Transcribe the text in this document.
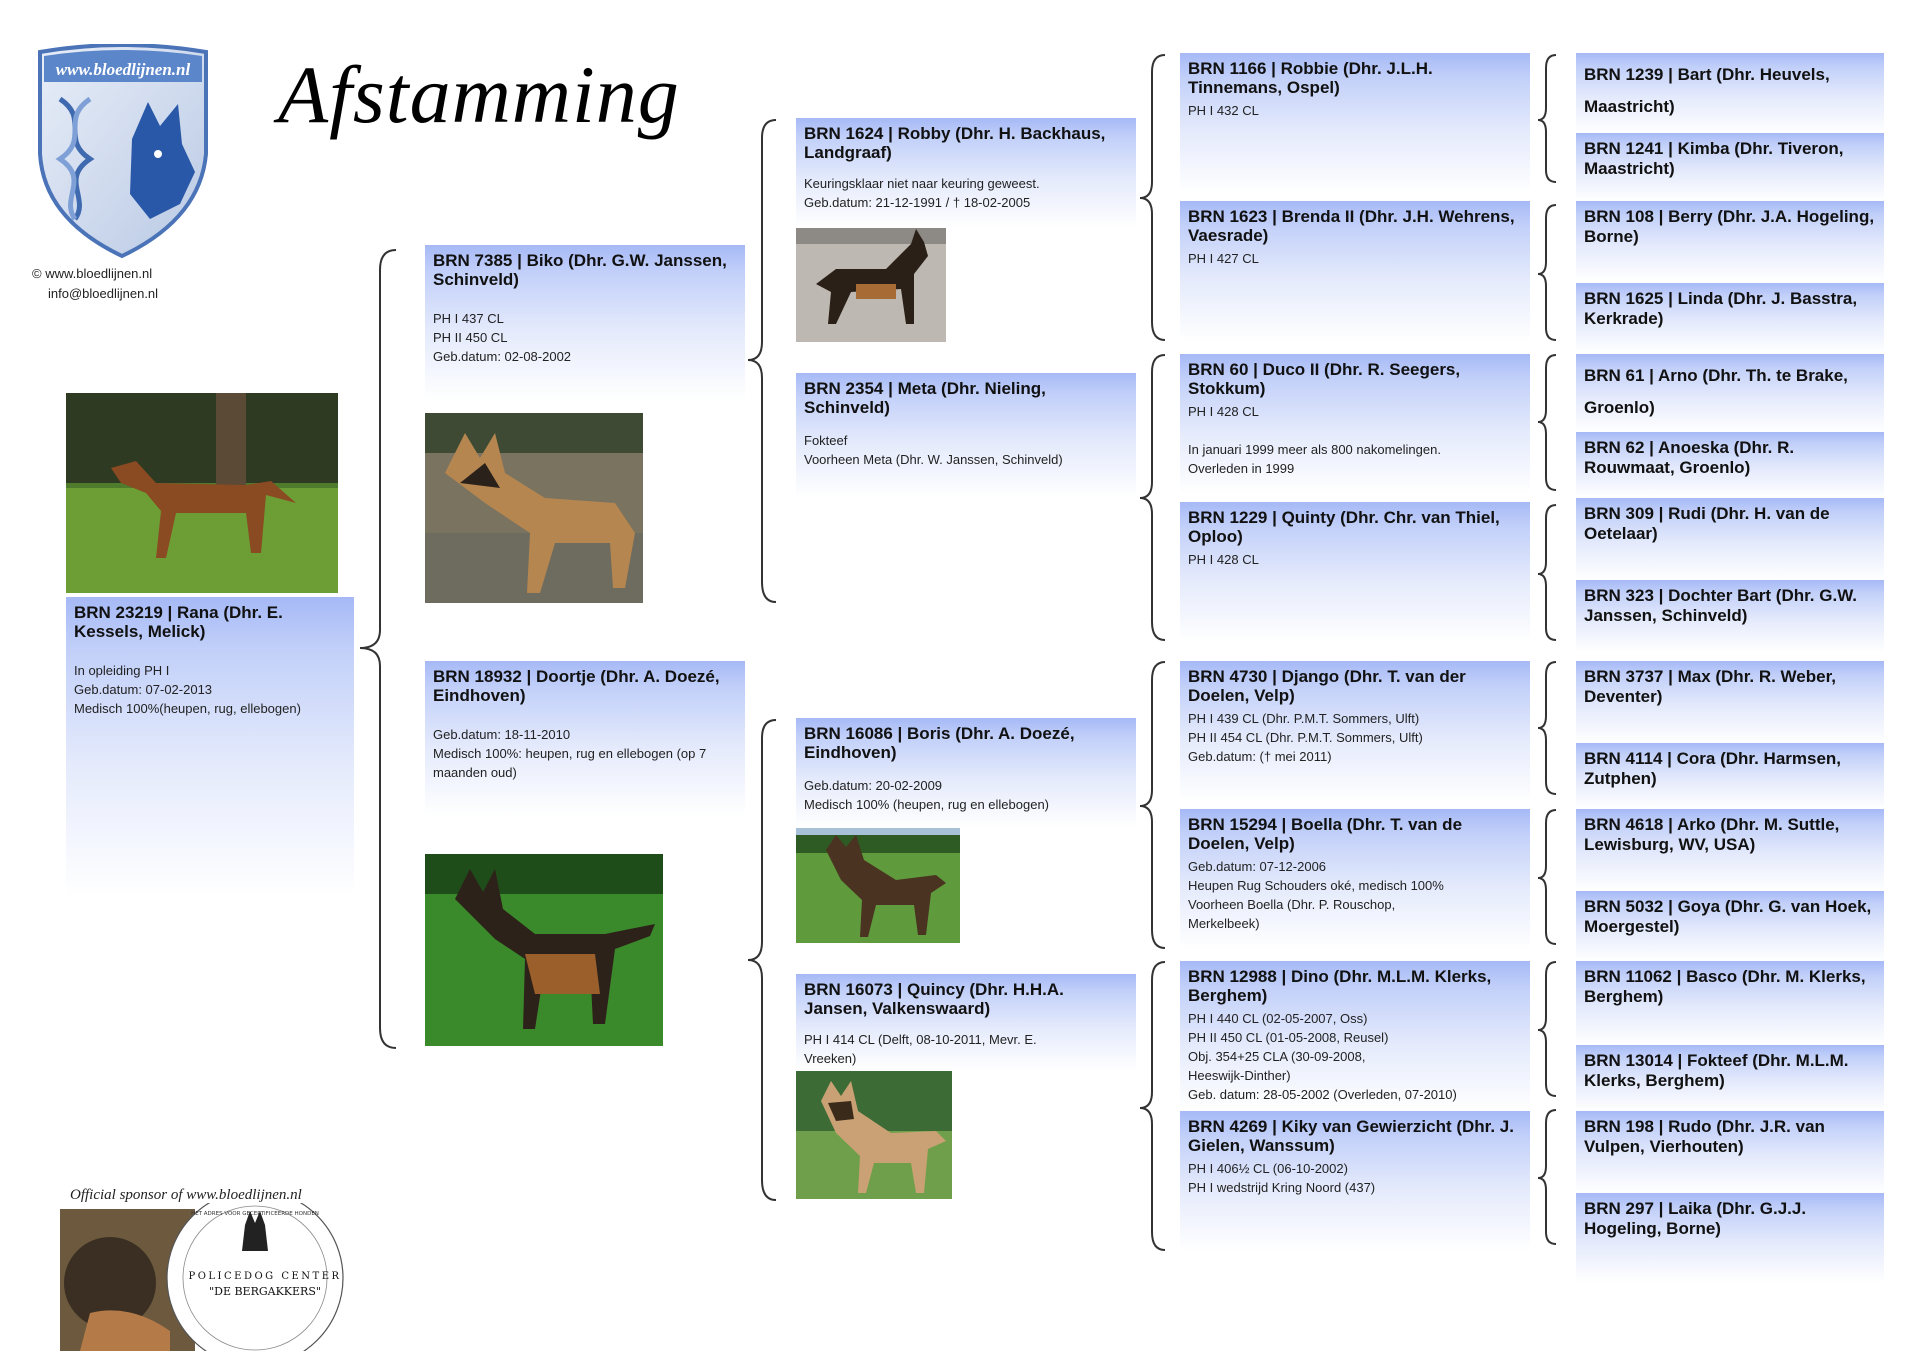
www.bloedlijnen.nl
© www.bloedlijnen.nl
info@bloedlijnen.nl
Afstamming
BRN 23219 | Rana (Dhr. E. Kessels, Melick)
In opleiding PH I
Geb.datum: 07-02-2013
Medisch 100%(heupen, rug, ellebogen)
BRN 7385 | Biko (Dhr. G.W. Janssen, Schinveld)
PH I 437 CL
PH II 450 CL
Geb.datum: 02-08-2002
BRN 18932 | Doortje (Dhr. A. Doezé, Eindhoven)
Geb.datum: 18-11-2010
Medisch 100%: heupen, rug en ellebogen (op 7
maanden oud)
BRN 1624 | Robby (Dhr. H. Backhaus, Landgraaf)
Keuringsklaar niet naar keuring geweest.
Geb.datum: 21-12-1991 / † 18-02-2005
BRN 2354 | Meta (Dhr. Nieling, Schinveld)
Fokteef
Voorheen Meta (Dhr. W. Janssen, Schinveld)
BRN 16086 | Boris (Dhr. A. Doezé, Eindhoven)
Geb.datum: 20-02-2009
Medisch 100% (heupen, rug en ellebogen)
BRN 16073 | Quincy (Dhr. H.H.A. Jansen, Valkenswaard)
PH I 414 CL (Delft, 08-10-2011, Mevr. E.
Vreeken)
BRN 1166 | Robbie (Dhr. J.L.H. Tinnemans, Ospel)
PH I 432 CL
BRN 1623 | Brenda II (Dhr. J.H. Wehrens, Vaesrade)
PH I 427 CL
BRN 60 | Duco II (Dhr. R. Seegers, Stokkum)
PH I 428 CL
In januari 1999 meer als 800 nakomelingen.
Overleden in 1999
BRN 1229 | Quinty (Dhr. Chr. van Thiel, Oploo)
PH I 428 CL
BRN 4730 | Django (Dhr. T. van der Doelen, Velp)
PH I 439 CL (Dhr. P.M.T. Sommers, Ulft)
PH II 454 CL (Dhr. P.M.T. Sommers, Ulft)
Geb.datum: († mei 2011)
BRN 15294 | Boella (Dhr. T. van de Doelen, Velp)
Geb.datum: 07-12-2006
Heupen Rug Schouders oké, medisch 100%
Voorheen Boella (Dhr. P. Rouschop,
Merkelbeek)
BRN 12988 | Dino (Dhr. M.L.M. Klerks, Berghem)
PH I 440 CL (02-05-2007, Oss)
PH II 450 CL (01-05-2008, Reusel)
Obj. 354+25 CLA (30-09-2008,
Heeswijk-Dinther)
Geb. datum: 28-05-2002 (Overleden, 07-2010)
BRN 4269 | Kiky van Gewierzicht (Dhr. J. Gielen, Wanssum)
PH I 406½ CL (06-10-2002)
PH I wedstrijd Kring Noord (437)
BRN 1239 | Bart (Dhr. Heuvels, Maastricht)
BRN 1241 | Kimba (Dhr. Tiveron, Maastricht)
BRN 108 | Berry (Dhr. J.A. Hogeling, Borne)
BRN 1625 | Linda (Dhr. J. Basstra, Kerkrade)
BRN 61 | Arno (Dhr. Th. te Brake, Groenlo)
BRN 62 | Anoeska (Dhr. R. Rouwmaat, Groenlo)
BRN 309 | Rudi (Dhr. H. van de Oetelaar)
BRN 323 | Dochter Bart (Dhr. G.W. Janssen, Schinveld)
BRN 3737 | Max (Dhr. R. Weber, Deventer)
BRN 4114 | Cora (Dhr. Harmsen, Zutphen)
BRN 4618 | Arko (Dhr. M. Suttle, Lewisburg, WV, USA)
BRN 5032 | Goya (Dhr. G. van Hoek, Moergestel)
BRN 11062 | Basco (Dhr. M. Klerks, Berghem)
BRN 13014 | Fokteef (Dhr. M.L.M. Klerks, Berghem)
BRN 198 | Rudo (Dhr. J.R. van Vulpen, Vierhouten)
BRN 297 | Laika (Dhr. G.J.J. Hogeling, Borne)
Official sponsor of www.bloedlijnen.nl
HET ADRES VOOR GECERTIFICEERDE HONDEN
POLICEDOG CENTER
"DE BERGAKKERS"
